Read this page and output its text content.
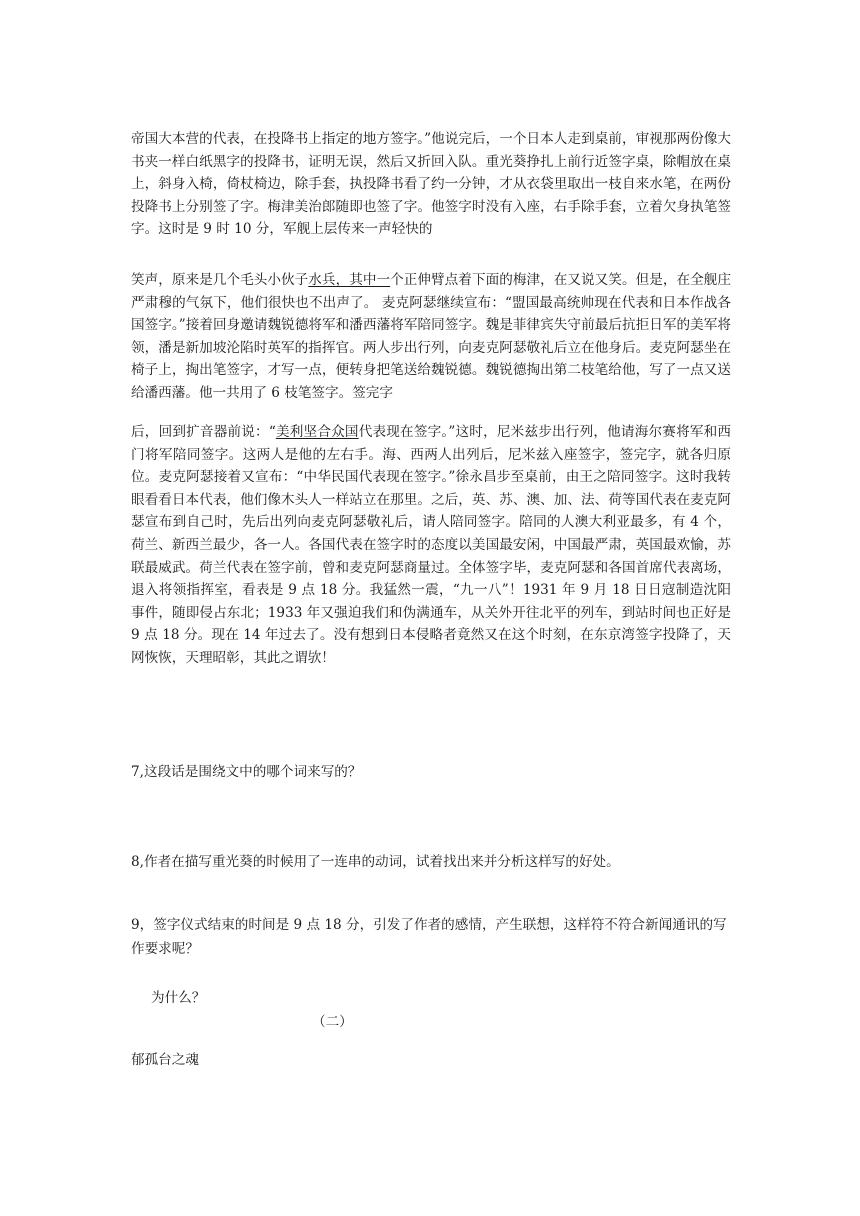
帝国大本营的代表，在投降书上指定的地方签字。”他说完后，一个日本人走到桌前，审视那两份像大书夹一样白纸黑字的投降书，证明无误，然后又折回入队。重光葵挣扎上前行近签字桌，除帽放在桌上，斜身入椅，倚杖椅边，除手套，执投降书看了约一分钟，才从衣袋里取出一枝自来水笔，在两份投降书上分别签了字。梅津美治郎随即也签了字。他签字时没有入座，右手除手套，立着欠身执笔签字。这时是 9 时 10 分，军舰上层传来一声轻快的

笑声，原来是几个毛头小伙子水兵，其中一个正伸臂点着下面的梅津，在又说又笑。但是，在全舰庄严肃穆的气氛下，他们很快也不出声了。 麦克阿瑟继续宣布：“盟国最高统帅现在代表和日本作战各国签字。”接着回身邀请魏锐德将军和潘西藩将军陪同签字。魏是菲律宾失守前最后抗拒日军的美军将领，潘是新加坡沦陷时英军的指挥官。两人步出行列，向麦克阿瑟敬礼后立在他身后。麦克阿瑟坐在椅子上，掏出笔签字，才写一点，便转身把笔送给魏锐德。魏锐德掏出第二枝笔给他，写了一点又送给潘西藩。他一共用了 6 枝笔签字。签完字

后，回到扩音器前说：“美利坚合众国代表现在签字。”这时，尼米兹步出行列，他请海尔赛将军和西门将军陪同签字。这两人是他的左右手。海、西两人出列后，尼米兹入座签字，签完字，就各归原位。麦克阿瑟接着又宣布：“中华民国代表现在签字。”徐永昌步至桌前，由王之陪同签字。这时我转眼看看日本代表，他们像木头人一样站立在那里。之后，英、苏、澳、加、法、荷等国代表在麦克阿瑟宣布到自己时，先后出列向麦克阿瑟敬礼后，请人陪同签字。陪同的人澳大利亚最多，有 4 个，荷兰、新西兰最少，各一人。各国代表在签字时的态度以美国最安闲，中国最严肃，英国最欢愉，苏联最威武。荷兰代表在签字前，曾和麦克阿瑟商量过。全体签字毕，麦克阿瑟和各国首席代表离场，退入将领指挥室，看表是 9 点 18 分。我猛然一震，“九一八”！1931 年 9 月 18 日日寇制造沈阳事件，随即侵占东北；1933 年又强迫我们和伪满通车，从关外开往北平的列车，到站时间也正好是 9 点 18 分。现在 14 年过去了。没有想到日本侵略者竟然又在这个时刻，在东京湾签字投降了，天网恢恢，天理昭彰，其此之谓欤！

7,这段话是围绕文中的哪个词来写的？

8,作者在描写重光葵的时候用了一连串的动词，试着找出来并分析这样写的好处。

9，签字仪式结束的时间是 9 点 18 分，引发了作者的感情，产生联想，这样符不符合新闻通讯的写作要求呢？

为什么？
（二）
郁孤台之魂
